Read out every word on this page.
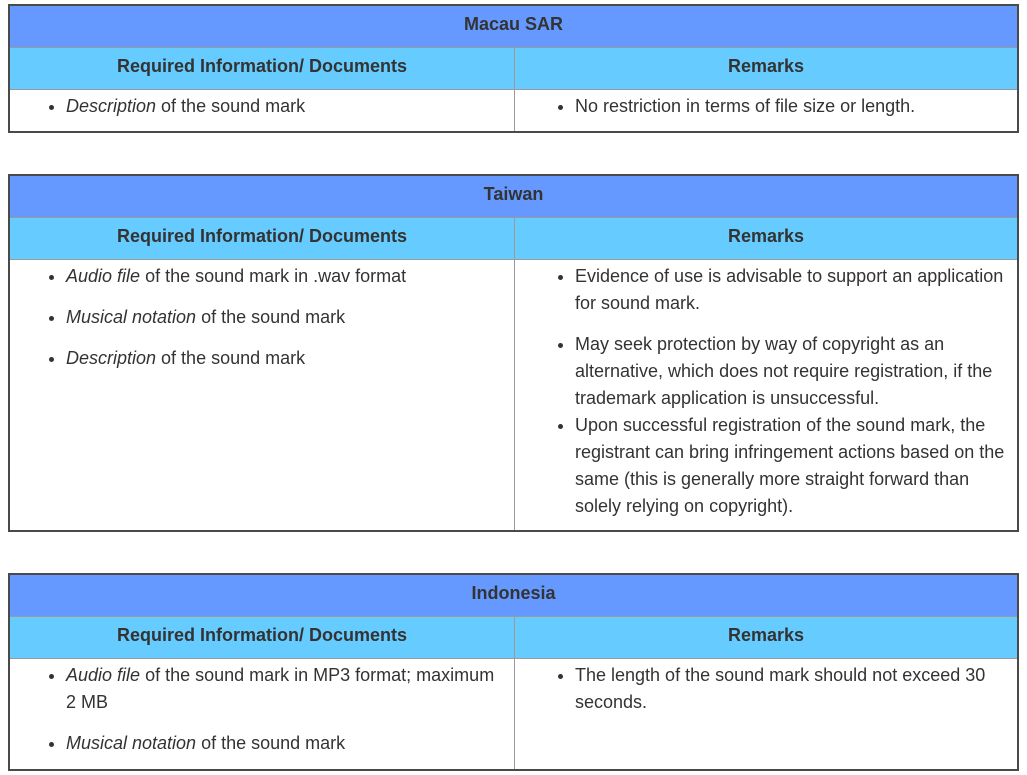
Macau SAR
Required Information/ Documents	Remarks
• Description of the sound mark
•	No restriction in terms of file size or length.
Taiwan
Required Information/ Documents	Remarks
• Audio file of the sound mark in .wav format
• Musical notation of the sound mark
• Description of the sound mark
• Evidence of use is advisable to support an application for sound mark.
• May seek protection by way of copyright as an alternative, which does not require registration, if the trademark application is unsuccessful.
• Upon successful registration of the sound mark, the registrant can bring infringement actions based on the same (this is generally more straight forward than solely relying on copyright).
Indonesia
Required Information/ Documents	Remarks
• Audio file of the sound mark in MP3 format; maximum 2 MB
• Musical notation of the sound mark
• The length of the sound mark should not exceed 30 seconds.
